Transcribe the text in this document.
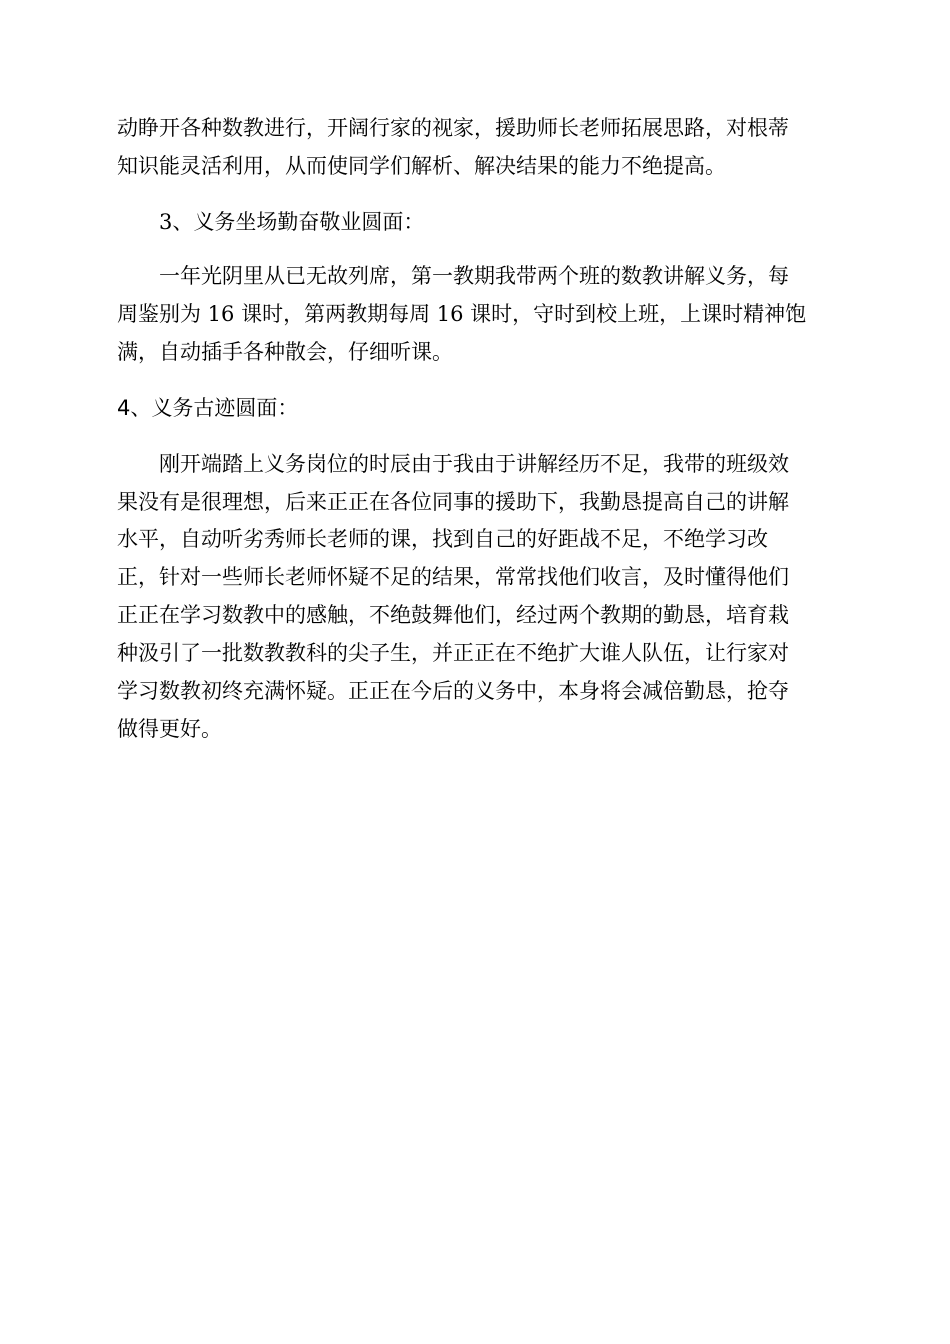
动睁开各种数教进行，开阔行家的视家，援助师长老师拓展思路，对根蒂
知识能灵活利用，从而使同学们解析、解决结果的能力不绝提高。
3、义务坐场勤奋敬业圆面：
一年光阴里从已无故列席，第一教期我带两个班的数教讲解义务，每
周鉴别为 16 课时，第两教期每周 16 课时，守时到校上班，上课时精神饱
满，自动插手各种散会，仔细听课。
4、义务古迹圆面：
刚开端踏上义务岗位的时辰由于我由于讲解经历不足，我带的班级效
果没有是很理想，后来正正在各位同事的援助下，我勤恳提高自己的讲解
水平，自动听劣秀师长老师的课，找到自己的好距战不足，不绝学习改
正，针对一些师长老师怀疑不足的结果，常常找他们收言，及时懂得他们
正正在学习数教中的感触，不绝鼓舞他们，经过两个教期的勤恳，培育栽
种汲引了一批数教教科的尖子生，并正正在不绝扩大谁人队伍，让行家对
学习数教初终充满怀疑。正正在今后的义务中，本身将会减倍勤恳，抢夺
做得更好。
